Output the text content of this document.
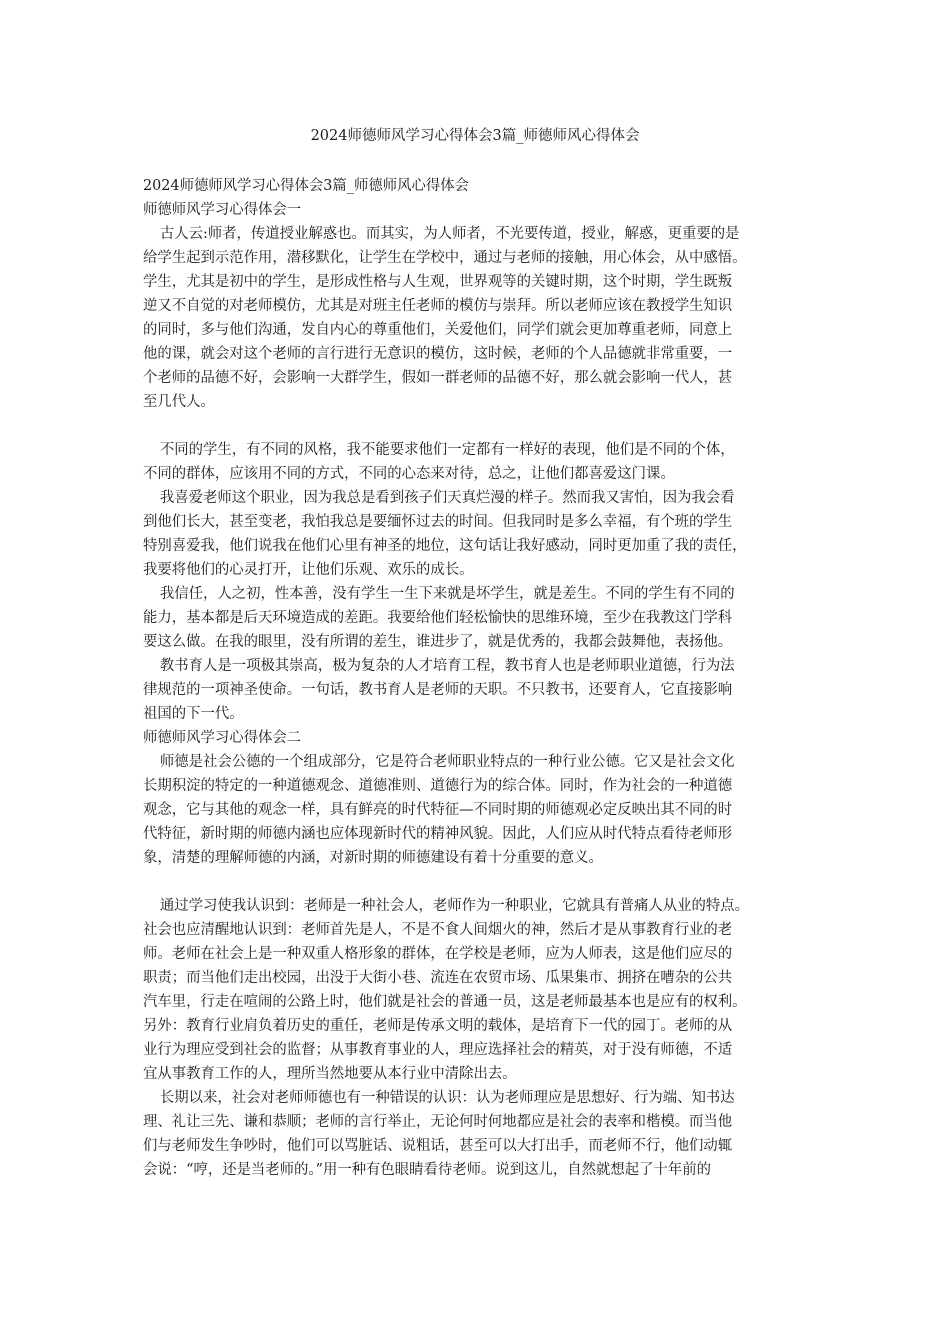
2024师德师风学习心得体会3篇_师德师风心得体会
2024师德师风学习心得体会3篇_师德师风心得体会
师德师风学习心得体会一
古人云:师者，传道授业解惑也。而其实，为人师者，不光要传道，授业，解惑，更重要的是
给学生起到示范作用，潜移默化，让学生在学校中，通过与老师的接触，用心体会，从中感悟。
学生，尤其是初中的学生，是形成性格与人生观，世界观等的关键时期，这个时期，学生既叛
逆又不自觉的对老师模仿，尤其是对班主任老师的模仿与崇拜。所以老师应该在教授学生知识
的同时，多与他们沟通，发自内心的尊重他们，关爱他们，同学们就会更加尊重老师，同意上
他的课，就会对这个老师的言行进行无意识的模仿，这时候，老师的个人品德就非常重要，一
个老师的品德不好，会影响一大群学生，假如一群老师的品德不好，那么就会影响一代人，甚
至几代人。
不同的学生，有不同的风格，我不能要求他们一定都有一样好的表现，他们是不同的个体，
不同的群体，应该用不同的方式，不同的心态来对待，总之，让他们都喜爱这门课。
我喜爱老师这个职业，因为我总是看到孩子们天真烂漫的样子。然而我又害怕，因为我会看
到他们长大，甚至变老，我怕我总是要缅怀过去的时间。但我同时是多么幸福，有个班的学生
特别喜爱我，他们说我在他们心里有神圣的地位，这句话让我好感动，同时更加重了我的责任，
我要将他们的心灵打开，让他们乐观、欢乐的成长。
我信任，人之初，性本善，没有学生一生下来就是坏学生，就是差生。不同的学生有不同的
能力，基本都是后天环境造成的差距。我要给他们轻松愉快的思维环境，至少在我教这门学科
要这么做。在我的眼里，没有所谓的差生，谁进步了，就是优秀的，我都会鼓舞他，表扬他。
教书育人是一项极其崇高，极为复杂的人才培育工程，教书育人也是老师职业道德，行为法
律规范的一项神圣使命。一句话，教书育人是老师的天职。不只教书，还要育人，它直接影响
祖国的下一代。
师德师风学习心得体会二
师德是社会公德的一个组成部分，它是符合老师职业特点的一种行业公德。它又是社会文化
长期积淀的特定的一种道德观念、道德准则、道德行为的综合体。同时，作为社会的一种道德
观念，它与其他的观念一样，具有鲜亮的时代特征—不同时期的师德观必定反映出其不同的时
代特征，新时期的师德内涵也应体现新时代的精神风貌。因此，人们应从时代特点看待老师形
象，清楚的理解师德的内涵，对新时期的师德建设有着十分重要的意义。
通过学习使我认识到：老师是一种社会人，老师作为一种职业，它就具有普痛人从业的特点。
社会也应清醒地认识到：老师首先是人，不是不食人间烟火的神，然后才是从事教育行业的老
师。老师在社会上是一种双重人格形象的群体，在学校是老师，应为人师表，这是他们应尽的
职责；而当他们走出校园，出没于大街小巷、流连在农贸市场、瓜果集市、拥挤在嘈杂的公共
汽车里，行走在喧闹的公路上时，他们就是社会的普通一员，这是老师最基本也是应有的权利。
另外：教育行业肩负着历史的重任，老师是传承文明的载体，是培育下一代的园丁。老师的从
业行为理应受到社会的监督；从事教育事业的人，理应选择社会的精英，对于没有师德，不适
宜从事教育工作的人，理所当然地要从本行业中清除出去。
长期以来，社会对老师师德也有一种错误的认识：认为老师理应是思想好、行为端、知书达
理、礼让三先、谦和恭顺；老师的言行举止，无论何时何地都应是社会的表率和楷模。而当他
们与老师发生争吵时，他们可以骂脏话、说粗话，甚至可以大打出手，而老师不行，他们动辄
会说：“哼，还是当老师的。”用一种有色眼睛看待老师。说到这儿，自然就想起了十年前的
